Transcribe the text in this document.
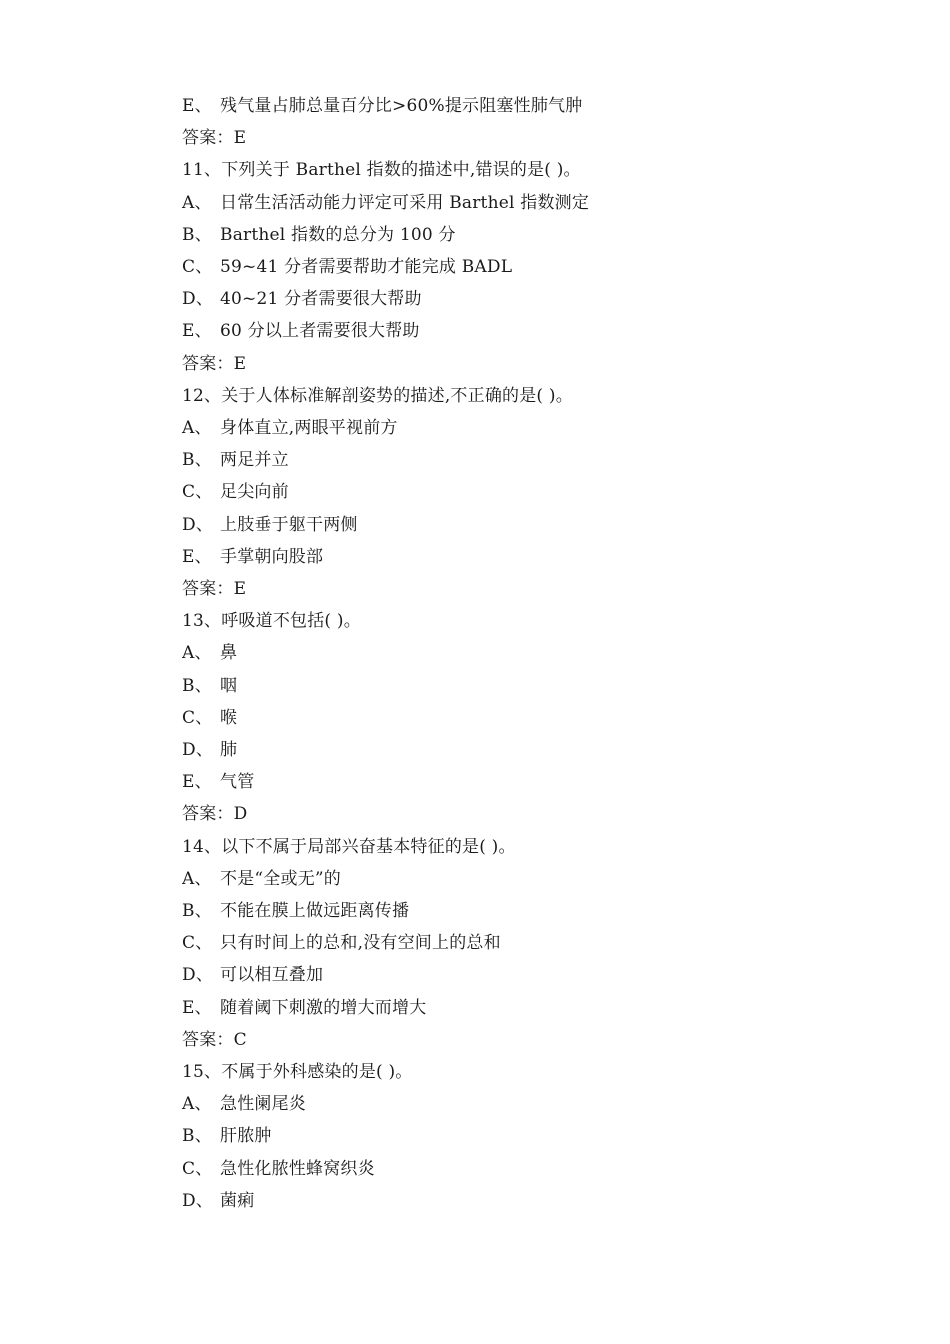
E、 残气量占肺总量百分比>60%提示阻塞性肺气肿
答案：E
11、下列关于 Barthel 指数的描述中,错误的是( )。
A、 日常生活活动能力评定可采用 Barthel 指数测定
B、 Barthel 指数的总分为 100 分
C、 59~41 分者需要帮助才能完成 BADL
D、 40~21 分者需要很大帮助
E、 60 分以上者需要很大帮助
答案：E
12、关于人体标准解剖姿势的描述,不正确的是( )。
A、 身体直立,两眼平视前方
B、 两足并立
C、 足尖向前
D、 上肢垂于躯干两侧
E、 手掌朝向股部
答案：E
13、呼吸道不包括( )。
A、 鼻
B、 咽
C、 喉
D、 肺
E、 气管
答案：D
14、以下不属于局部兴奋基本特征的是( )。
A、 不是“全或无”的
B、 不能在膜上做远距离传播
C、 只有时间上的总和,没有空间上的总和
D、 可以相互叠加
E、 随着阈下刺激的增大而增大
答案：C
15、不属于外科感染的是( )。
A、 急性阑尾炎
B、 肝脓肿
C、 急性化脓性蜂窝织炎
D、 菌痢
